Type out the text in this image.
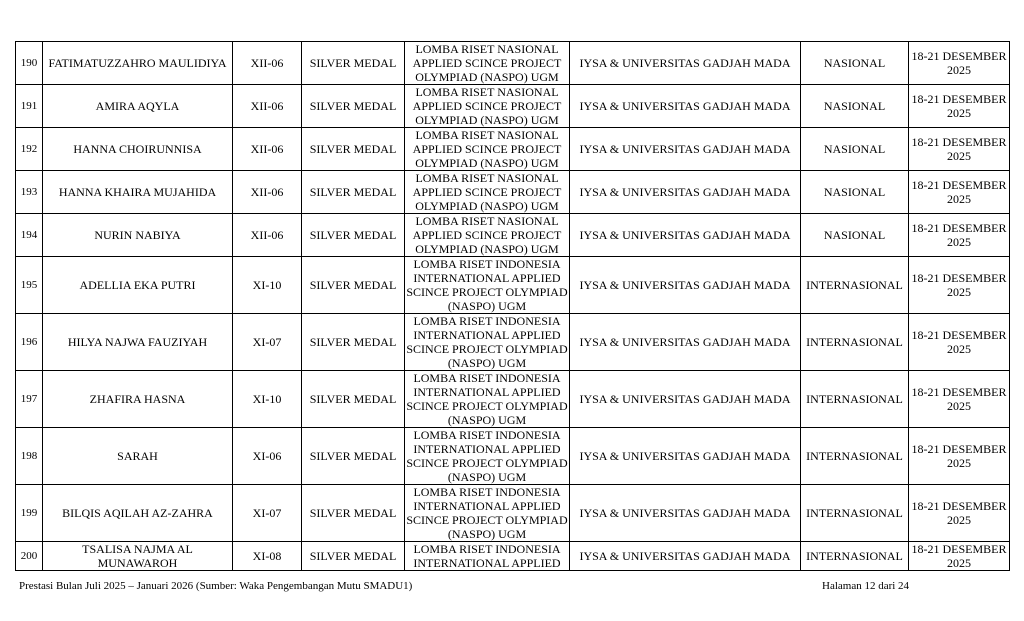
190	FATIMATUZZAHRO MAULIDIYA	XII-06	SILVER MEDAL	LOMBA RISET NASIONAL APPLIED SCINCE PROJECT OLYMPIAD (NASPO) UGM	IYSA & UNIVERSITAS GADJAH MADA	NASIONAL	18-21 DESEMBER 2025
191	AMIRA AQYLA	XII-06	SILVER MEDAL	LOMBA RISET NASIONAL APPLIED SCINCE PROJECT OLYMPIAD (NASPO) UGM	IYSA & UNIVERSITAS GADJAH MADA	NASIONAL	18-21 DESEMBER 2025
192	HANNA CHOIRUNNISA	XII-06	SILVER MEDAL	LOMBA RISET NASIONAL APPLIED SCINCE PROJECT OLYMPIAD (NASPO) UGM	IYSA & UNIVERSITAS GADJAH MADA	NASIONAL	18-21 DESEMBER 2025
193	HANNA KHAIRA MUJAHIDA	XII-06	SILVER MEDAL	LOMBA RISET NASIONAL APPLIED SCINCE PROJECT OLYMPIAD (NASPO) UGM	IYSA & UNIVERSITAS GADJAH MADA	NASIONAL	18-21 DESEMBER 2025
194	NURIN NABIYA	XII-06	SILVER MEDAL	LOMBA RISET NASIONAL APPLIED SCINCE PROJECT OLYMPIAD (NASPO) UGM	IYSA & UNIVERSITAS GADJAH MADA	NASIONAL	18-21 DESEMBER 2025
195	ADELLIA EKA PUTRI	XI-10	SILVER MEDAL	LOMBA RISET INDONESIA INTERNATIONAL APPLIED SCINCE PROJECT OLYMPIAD (NASPO) UGM	IYSA & UNIVERSITAS GADJAH MADA	INTERNASIONAL	18-21 DESEMBER 2025
196	HILYA NAJWA FAUZIYAH	XI-07	SILVER MEDAL	LOMBA RISET INDONESIA INTERNATIONAL APPLIED SCINCE PROJECT OLYMPIAD (NASPO) UGM	IYSA & UNIVERSITAS GADJAH MADA	INTERNASIONAL	18-21 DESEMBER 2025
197	ZHAFIRA HASNA	XI-10	SILVER MEDAL	LOMBA RISET INDONESIA INTERNATIONAL APPLIED SCINCE PROJECT OLYMPIAD (NASPO) UGM	IYSA & UNIVERSITAS GADJAH MADA	INTERNASIONAL	18-21 DESEMBER 2025
198	SARAH	XI-06	SILVER MEDAL	LOMBA RISET INDONESIA INTERNATIONAL APPLIED SCINCE PROJECT OLYMPIAD (NASPO) UGM	IYSA & UNIVERSITAS GADJAH MADA	INTERNASIONAL	18-21 DESEMBER 2025
199	BILQIS AQILAH AZ-ZAHRA	XI-07	SILVER MEDAL	LOMBA RISET INDONESIA INTERNATIONAL APPLIED SCINCE PROJECT OLYMPIAD (NASPO) UGM	IYSA & UNIVERSITAS GADJAH MADA	INTERNASIONAL	18-21 DESEMBER 2025
200	TSALISA NAJMA AL MUNAWAROH	XI-08	SILVER MEDAL	LOMBA RISET INDONESIA INTERNATIONAL APPLIED	IYSA & UNIVERSITAS GADJAH MADA	INTERNASIONAL	18-21 DESEMBER 2025
Prestasi Bulan Juli 2025 – Januari 2026 (Sumber: Waka Pengembangan Mutu SMADU1)	Halaman 12 dari 24
